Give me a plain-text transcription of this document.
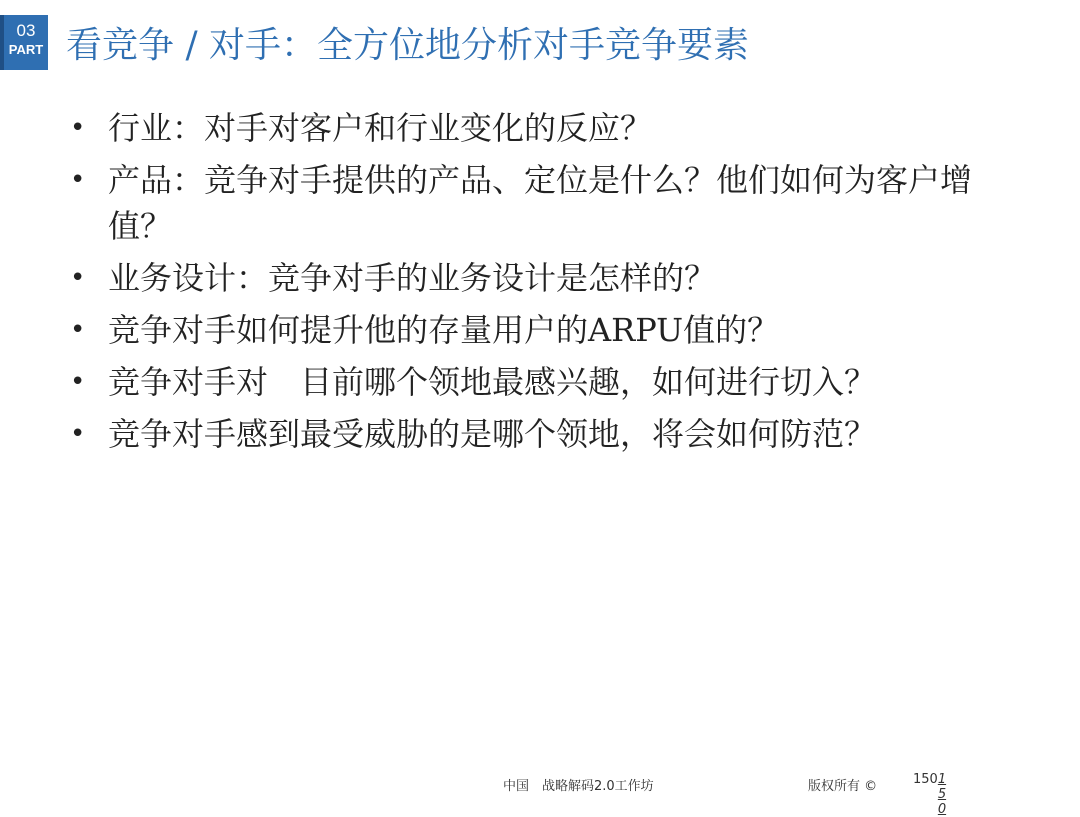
03
PART 看竞争 / 对手：全方位地分析对手竞争要素
• 行业：对手对客户和行业变化的反应？
• 产品：竞争对手提供的产品、定位是什么？他们如何为客户增值？
• 业务设计：竞争对手的业务设计是怎样的？
• 竞争对手如何提升他的存量用户的ARPU值的？
• 竞争对手对　目前哪个领地最感兴趣，如何进行切入？
• 竞争对手感到最受威胁的是哪个领地，将会如何防范？
中国　战略解码2.0工作坊	版权所有 ©	150150
